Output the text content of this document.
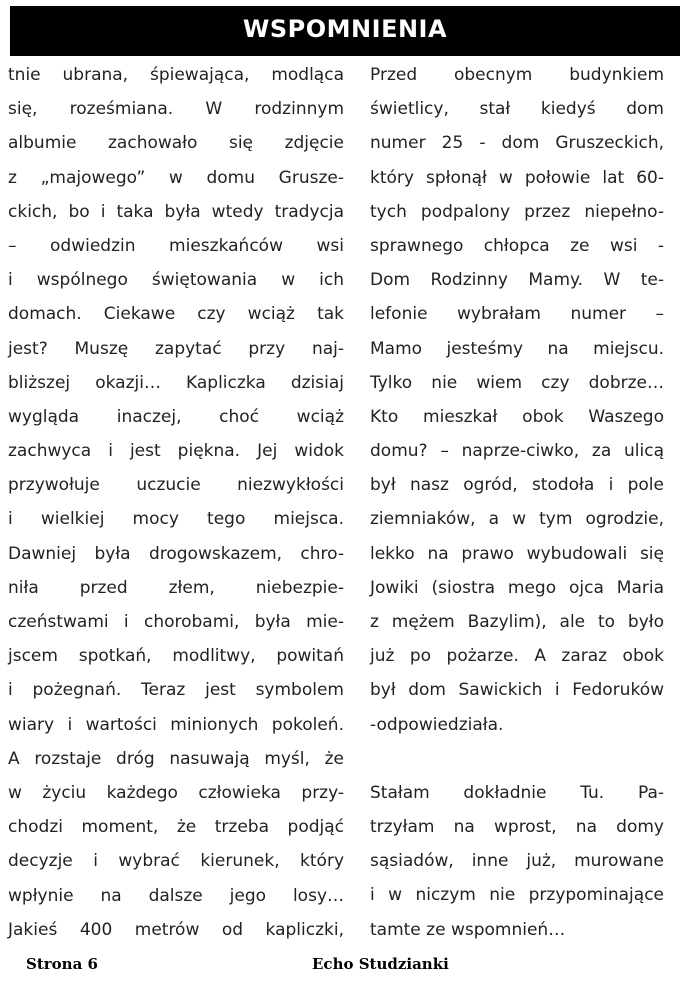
WSPOMNIENIA
tnie ubrana, śpiewająca, modląca
się, roześmiana. W rodzinnym
albumie zachowało się zdjęcie
z „majowego” w domu Grusze-
ckich, bo i taka była wtedy tradycja
– odwiedzin mieszkańców wsi
i wspólnego świętowania w ich
domach. Ciekawe czy wciąż tak
jest? Muszę zapytać przy naj-
bliższej okazji… Kapliczka dzisiaj
wygląda inaczej, choć wciąż
zachwyca i jest piękna. Jej widok
przywołuje uczucie niezwykłości
i wielkiej mocy tego miejsca.
Dawniej była drogowskazem, chro-
niła przed złem, niebezpie-
czeństwami i chorobami, była mie-
jscem spotkań, modlitwy, powitań
i pożegnań. Teraz jest symbolem
wiary i wartości minionych pokoleń.
A rozstaje dróg nasuwają myśl, że
w życiu każdego człowieka przy-
chodzi moment, że trzeba podjąć
decyzje i wybrać kierunek, który
wpłynie na dalsze jego losy…
Jakieś 400 metrów od kapliczki,

Przed obecnym budynkiem
świetlicy, stał kiedyś dom
numer 25 - dom Gruszeckich,
który spłonął w połowie lat 60-
tych podpalony przez niepełno-
sprawnego chłopca ze wsi -
Dom Rodzinny Mamy. W te-
lefonie wybrałam numer –
Mamo jesteśmy na miejscu.
Tylko nie wiem czy dobrze…
Kto mieszkał obok Waszego
domu? – naprze-ciwko, za ulicą
był nasz ogród, stodoła i pole
ziemniaków, a w tym ogrodzie,
lekko na prawo wybudowali się
Jowiki (siostra mego ojca Maria
z mężem Bazylim), ale to było
już po pożarze. A zaraz obok
był dom Sawickich i Fedoruków
-odpowiedziała.

Stałam dokładnie Tu. Pa-
trzyłam na wprost, na domy
sąsiadów, inne już, murowane
i w niczym nie przypominające
tamte ze wspomnień…

Strona 6	Echo Studzianki
